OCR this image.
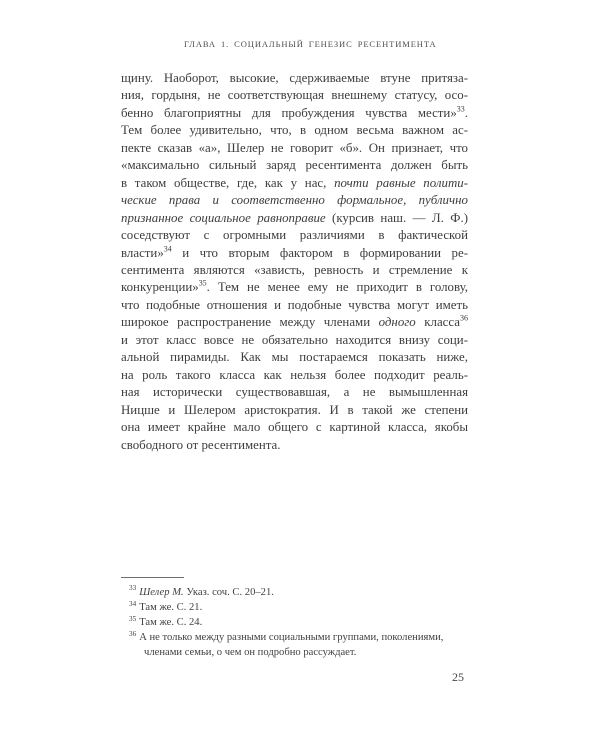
ГЛАВА 1. СОЦИАЛЬНЫЙ ГЕНЕЗИС РЕСЕНТИМЕНТА
щину. Наоборот, высокие, сдерживаемые втуне притяза-
ния, гордыня, не соответствующая внешнему статусу, осо-
бенно благоприятны для пробуждения чувства мести»$^{33}$.
Тем более удивительно, что, в одном весьма важном ас-
пекте сказав «а», Шелер не говорит «б». Он признает, что
«максимально сильный заряд ресентимента должен быть
в таком обществе, где, как у нас, почти равные полити-
ческие права и соответственно формальное, публично
признанное социальное равноправие (курсив наш. — Л. Ф.)
соседствуют с огромными различиями в фактической
власти»$^{34}$ и что вторым фактором в формировании ре-
сентимента являются «зависть, ревность и стремление к
конкуренции»$^{35}$. Тем не менее ему не приходит в голову,
что подобные отношения и подобные чувства могут иметь
широкое распространение между членами одного класса$^{36}$
и этот класс вовсе не обязательно находится внизу соци-
альной пирамиды. Как мы постараемся показать ниже,
на роль такого класса как нельзя более подходит реаль-
ная исторически существовавшая, а не вымышленная
Ницше и Шелером аристократия. И в такой же степени
она имеет крайне мало общего с картиной класса, якобы
свободного от ресентимента.
$^{33}$ Шелер М. Указ. соч. С. 20–21.
$^{34}$ Там же. С. 21.
$^{35}$ Там же. С. 24.
$^{36}$ А не только между разными социальными группами, поколениями,
членами семьи, о чем он подробно рассуждает.
25
